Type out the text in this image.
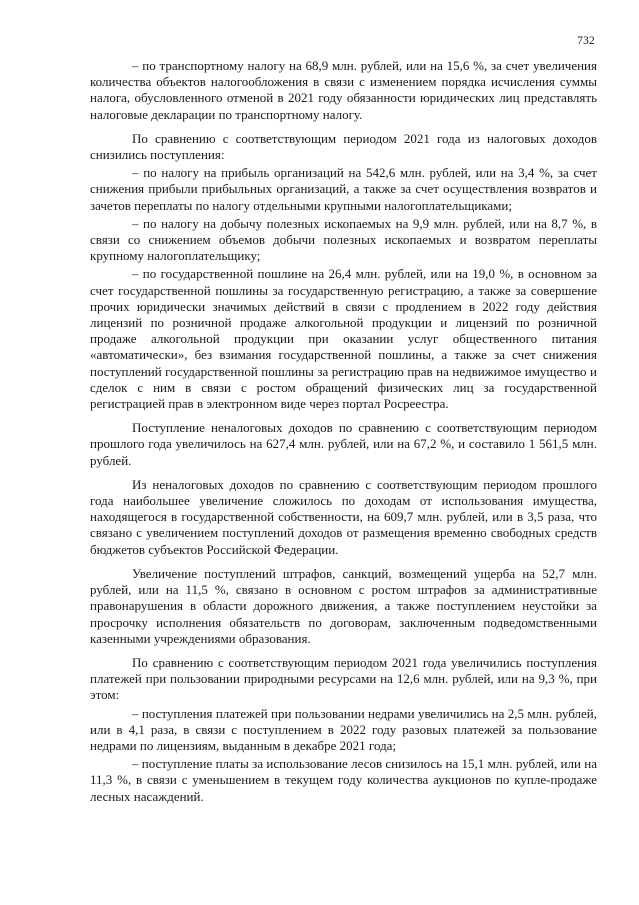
732

– по транспортному налогу на 68,9 млн. рублей, или на 15,6 %, за счет увеличения количества объектов налогообложения в связи с изменением порядка исчисления суммы налога, обусловленного отменой в 2021 году обязанности юридических лиц представлять налоговые декларации по транспортному налогу.

По сравнению с соответствующим периодом 2021 года из налоговых доходов снизились поступления:

– по налогу на прибыль организаций на 542,6 млн. рублей, или на 3,4 %, за счет снижения прибыли прибыльных организаций, а также за счет осуществления возвратов и зачетов переплаты по налогу отдельными крупными налогоплательщиками;

– по налогу на добычу полезных ископаемых на 9,9 млн. рублей, или на 8,7 %, в связи со снижением объемов добычи полезных ископаемых и возвратом переплаты крупному налогоплательщику;

– по государственной пошлине на 26,4 млн. рублей, или на 19,0 %, в основном за счет государственной пошлины за государственную регистрацию, а также за совершение прочих юридически значимых действий в связи с продлением в 2022 году действия лицензий по розничной продаже алкогольной продукции и лицензий по розничной продаже алкогольной продукции при оказании услуг общественного питания «автоматически», без взимания государственной пошлины, а также за счет снижения поступлений государственной пошлины за регистрацию прав на недвижимое имущество и сделок с ним в связи с ростом обращений физических лиц за государственной регистрацией прав в электронном виде через портал Росреестра.

Поступление неналоговых доходов по сравнению с соответствующим периодом прошлого года увеличилось на 627,4 млн. рублей, или на 67,2 %, и составило 1 561,5 млн. рублей.

Из неналоговых доходов по сравнению с соответствующим периодом прошлого года наибольшее увеличение сложилось по доходам от использования имущества, находящегося в государственной собственности, на 609,7 млн. рублей, или в 3,5 раза, что связано с увеличением поступлений доходов от размещения временно свободных средств бюджетов субъектов Российской Федерации.

Увеличение поступлений штрафов, санкций, возмещений ущерба на 52,7 млн. рублей, или на 11,5 %, связано в основном с ростом штрафов за административные правонарушения в области дорожного движения, а также поступлением неустойки за просрочку исполнения обязательств по договорам, заключенным подведомственными казенными учреждениями образования.

По сравнению с соответствующим периодом 2021 года увеличились поступления платежей при пользовании природными ресурсами на 12,6 млн. рублей, или на 9,3 %, при этом:

– поступления платежей при пользовании недрами увеличились на 2,5 млн. рублей, или в 4,1 раза, в связи с поступлением в 2022 году разовых платежей за пользование недрами по лицензиям, выданным в декабре 2021 года;

– поступление платы за использование лесов снизилось на 15,1 млн. рублей, или на 11,3 %, в связи с уменьшением в текущем году количества аукционов по купле-продаже лесных насаждений.
